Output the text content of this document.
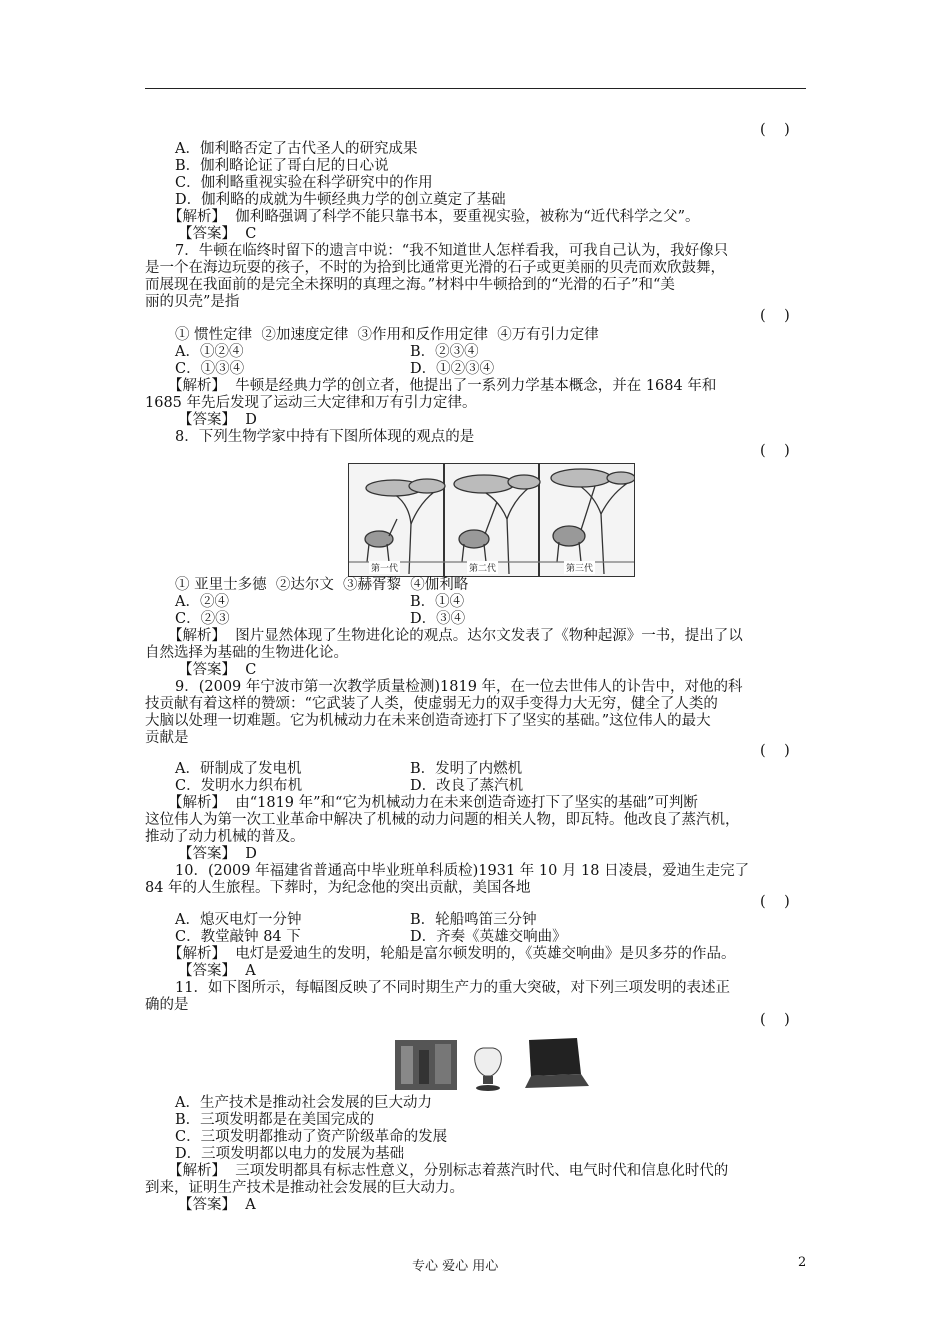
(    )
A．伽利略否定了古代圣人的研究成果
B．伽利略论证了哥白尼的日心说
C．伽利略重视实验在科学研究中的作用
D．伽利略的成就为牛顿经典力学的创立奠定了基础
【解析】  伽利略强调了科学不能只靠书本，要重视实验，被称为“近代科学之父”。
【答案】  C
7．牛顿在临终时留下的遗言中说：“我不知道世人怎样看我，可我自己认为，我好像只
是一个在海边玩耍的孩子，不时的为拾到比通常更光滑的石子或更美丽的贝壳而欢欣鼓舞，
而展现在我面前的是完全未探明的真理之海。”材料中牛顿拾到的“光滑的石子”和“美
丽的贝壳”是指
(    )
① 惯性定律  ②加速度定律  ③作用和反作用定律  ④万有引力定律
A．①②④	B．②③④
C．①③④	D．①②③④
【解析】  牛顿是经典力学的创立者，他提出了一系列力学基本概念，并在 1684 年和
1685 年先后发现了运动三大定律和万有引力定律。
【答案】  D
8．下列生物学家中持有下图所体现的观点的是
(    )
第一代	第二代	第三代
① 亚里士多德  ②达尔文  ③赫胥黎  ④伽利略
A．②④	B．①④
C．②③	D．③④
【解析】  图片显然体现了生物进化论的观点。达尔文发表了《物种起源》一书，提出了以
自然选择为基础的生物进化论。
【答案】  C
9．(2009 年宁波市第一次教学质量检测)1819 年，在一位去世伟人的讣告中，对他的科
技贡献有着这样的赞颂：“它武装了人类，使虚弱无力的双手变得力大无穷，健全了人类的
大脑以处理一切难题。它为机械动力在未来创造奇迹打下了坚实的基础。”这位伟人的最大
贡献是
(    )
A．研制成了发电机	B．发明了内燃机
C．发明水力织布机	D．改良了蒸汽机
【解析】  由“1819 年”和“它为机械动力在未来创造奇迹打下了坚实的基础”可判断
这位伟人为第一次工业革命中解决了机械的动力问题的相关人物，即瓦特。他改良了蒸汽机，
推动了动力机械的普及。
【答案】  D
10．(2009 年福建省普通高中毕业班单科质检)1931 年 10 月 18 日凌晨，爱迪生走完了
84 年的人生旅程。下葬时，为纪念他的突出贡献，美国各地
(    )
A．熄灭电灯一分钟	B．轮船鸣笛三分钟
C．教堂敲钟 84 下	D．齐奏《英雄交响曲》
【解析】  电灯是爱迪生的发明，轮船是富尔顿发明的，《英雄交响曲》是贝多芬的作品。
【答案】  A
11．如下图所示，每幅图反映了不同时期生产力的重大突破，对下列三项发明的表述正
确的是
(    )
A．生产技术是推动社会发展的巨大动力
B．三项发明都是在美国完成的
C．三项发明都推动了资产阶级革命的发展
D．三项发明都以电力的发展为基础
【解析】  三项发明都具有标志性意义，分别标志着蒸汽时代、电气时代和信息化时代的
到来，证明生产技术是推动社会发展的巨大动力。
【答案】  A
专心 爱心 用心	2
